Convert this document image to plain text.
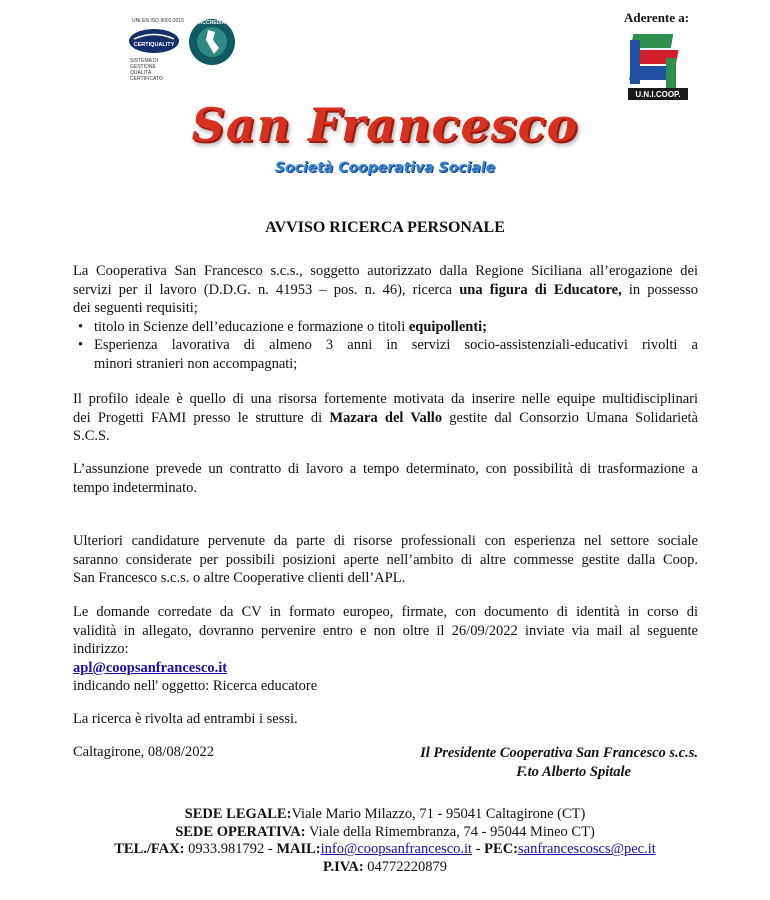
UNI EN ISO 9001:2015
CERTIQUALITY
SISTEMA DI GESTIONE QUALITÀ CERTIFICATO
ACCREDIA	Aderente a:
U.N.I.COOP.
San Francesco
Società Cooperativa Sociale
AVVISO RICERCA PERSONALE
La Cooperativa San Francesco s.c.s., soggetto autorizzato dalla Regione Siciliana all’erogazione dei
servizi per il lavoro (D.D.G. n. 41953 – pos. n. 46), ricerca una figura di Educatore, in possesso
dei seguenti requisiti;
• titolo in Scienze dell’educazione e formazione o titoli equipollenti;
• Esperienza lavorativa di almeno 3 anni in servizi socio-assistenziali-educativi rivolti a
minori stranieri non accompagnati;
Il profilo ideale è quello di una risorsa fortemente motivata da inserire nelle equipe multidisciplinari
dei Progetti FAMI presso le strutture di Mazara del Vallo gestite dal Consorzio Umana Solidarietà
S.C.S.
L’assunzione prevede un contratto di lavoro a tempo determinato, con possibilità di trasformazione a
tempo indeterminato.
Ulteriori candidature pervenute da parte di risorse professionali con esperienza nel settore sociale
saranno considerate per possibili posizioni aperte nell’ambito di altre commesse gestite dalla Coop.
San Francesco s.c.s. o altre Cooperative clienti dell’APL.
Le domande corredate da CV in formato europeo, firmate, con documento di identità in corso di
validità in allegato, dovranno pervenire entro e non oltre il 26/09/2022 inviate via mail al seguente
indirizzo:
apl@coopsanfrancesco.it
indicando nell' oggetto: Ricerca educatore
La ricerca è rivolta ad entrambi i sessi.
Caltagirone, 08/08/2022	Il Presidente Cooperativa San Francesco s.c.s.
F.to Alberto Spitale
SEDE LEGALE:Viale Mario Milazzo, 71 - 95041 Caltagirone (CT)
SEDE OPERATIVA: Viale della Rimembranza, 74 - 95044 Mineo CT)
TEL./FAX: 0933.981792 - MAIL:info@coopsanfrancesco.it - PEC:sanfrancescoscs@pec.it
P.IVA: 04772220879
